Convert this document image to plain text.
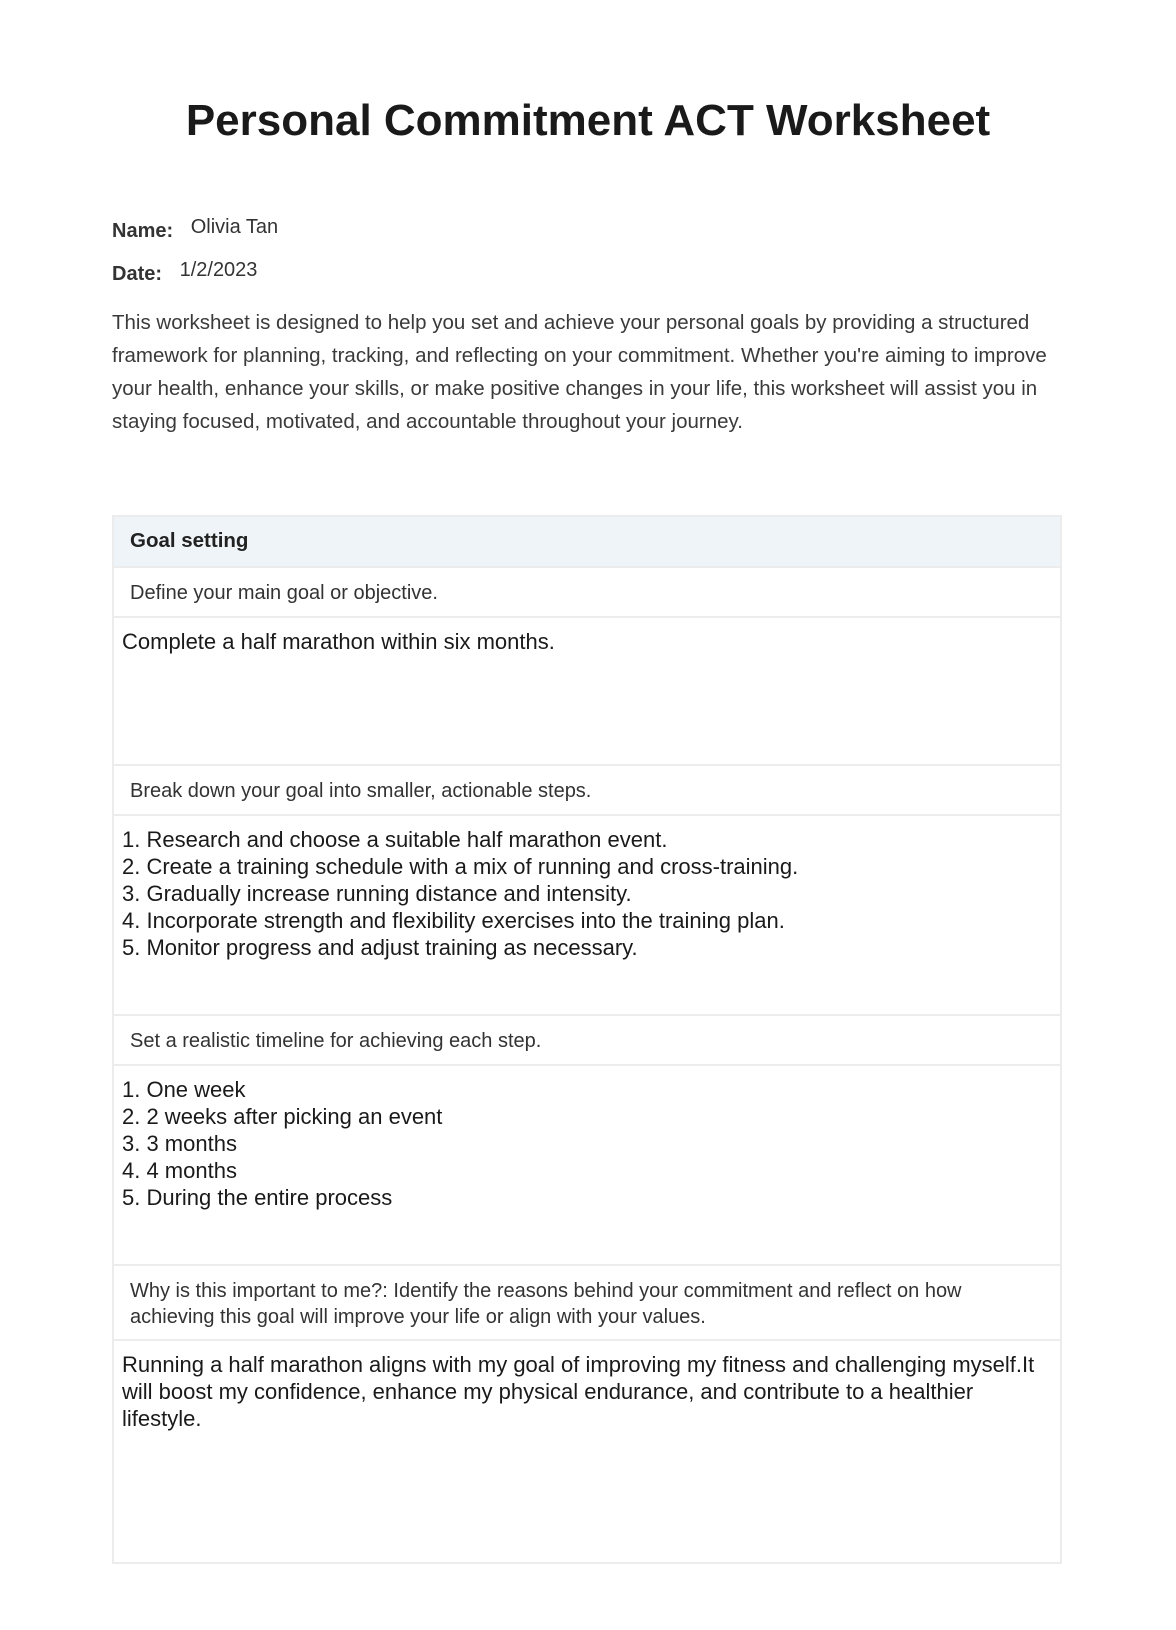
Personal Commitment ACT Worksheet
Name: Olivia Tan
Date: 1/2/2023
This worksheet is designed to help you set and achieve your personal goals by providing a structured framework for planning, tracking, and reflecting on your commitment. Whether you're aiming to improve your health, enhance your skills, or make positive changes in your life, this worksheet will assist you in staying focused, motivated, and accountable throughout your journey.
Goal setting
Define your main goal or objective.
Complete a half marathon within six months.
Break down your goal into smaller, actionable steps.
1. Research and choose a suitable half marathon event.
2. Create a training schedule with a mix of running and cross-training.
3. Gradually increase running distance and intensity.
4. Incorporate strength and flexibility exercises into the training plan.
5. Monitor progress and adjust training as necessary.
Set a realistic timeline for achieving each step.
1. One week
2. 2 weeks after picking an event
3. 3 months
4. 4 months
5. During the entire process
Why is this important to me?: Identify the reasons behind your commitment and reflect on how achieving this goal will improve your life or align with your values.
Running a half marathon aligns with my goal of improving my fitness and challenging myself.It will boost my confidence, enhance my physical endurance, and contribute to a healthier lifestyle.
